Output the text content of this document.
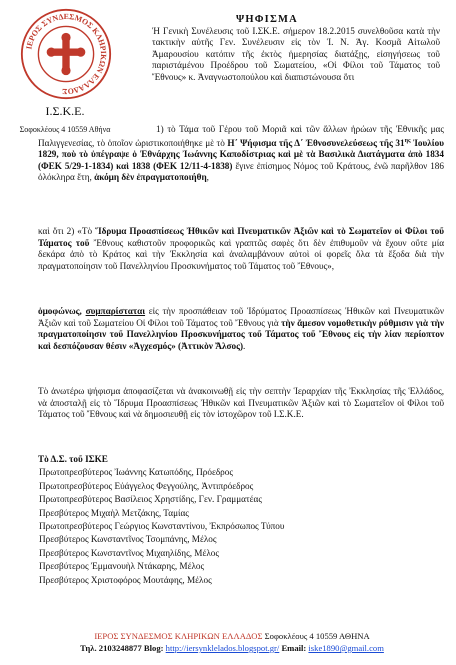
ΙΕΡΟΣ ΣΥΝΔΕΣΜΟΣ ΚΛΗΡΙΚΩΝ ΕΛΛΑΔΟΣ
Ι.Σ.Κ.Ε.
Σοφοκλέους 4 10559 Αθήνα
ΨΗΦΙΣΜΑ
Ἡ Γενικὴ Συνέλευσις τοῦ Ι.ΣΚ.Ε. σήμερον 18.2.2015 συνελθοῦσα κατὰ τὴν τακτικὴν αὐτῆς Γεν. Συνέλευσιν εἰς τὸν Ἱ. Ν. Ἁγ. Κοσμᾶ Αἰτωλοῦ Ἀμαρουσίου κατόπιν τῆς ἐκτὸς ἡμερησίας διατάξῃς, εἰσηγήσεως τοῦ παριστάμένου Προέδρου τοῦ Σωματείου, «Οἱ Φίλοι τοῦ Τάματος τοῦ Ἔθνους» κ. Ἀναγνωστοπούλου καὶ διαπιστώνουσα ὅτι
1) τὸ Τάμα τοῦ Γέρου τοῦ Μοριᾶ καὶ τῶν ἄλλων ἡρώων τῆς Ἐθνικῆς μας Παλιγγενεσίας, τὸ ὁποῖον ὡριστικοποιήθηκε μὲ τὸ Η΄ Ψήφισμα τῆς Δ΄ Ἐθνοσυνελεύσεως τῆς $31^{\eta\varsigma}$ Ἰουλίου 1829, ποὺ τὸ ὑπέγραψε ὁ Ἐθνάρχης Ἰωάννης Καποδίστριας καὶ μὲ τὰ Βασιλικὰ Διατάγματα ἀπὸ 1834 (ΦΕΚ 5/29-1-1834) καὶ 1838 (ΦΕΚ 12/11-4-1838) ἔγινε ἐπίσημος Νόμος τοῦ Κράτους, ἐνῶ παρῆλθον 186 ὁλόκληρα ἔτη, ἀκόμη δὲν ἐπραγματοποιήθη,
καὶ ὅτι 2) «Τὸ Ἵδρυμα Προασπίσεως Ἠθικῶν καὶ Πνευματικῶν Ἀξιῶν καὶ τὸ Σωματεῖον οἱ Φίλοι τοῦ Τάματος τοῦ Ἔθνους καθιστοῦν προφορικῶς καὶ γραπτῶς σαφὲς ὅτι δὲν ἐπιθυμοῦν νὰ ἔχουν οὔτε μία δεκάρα ἀπὸ τὸ Κράτος καὶ τὴν Ἐκκλησία καὶ ἀναλαμβάνουν αὐτοὶ οἱ φορεῖς ὅλα τὰ ἔξοδα διὰ τὴν πραγματοποίησιν τοῦ Πανελληνίου Προσκυνήματος τοῦ Τάματος τοῦ Ἔθνους»,
ὁμοφώνως, συμπαρίσταται εἰς τὴν προσπάθειαν τοῦ Ἱδρύματος Προασπίσεως Ἠθικῶν καὶ Πνευματικῶν Ἀξιῶν καὶ τοῦ Σωματείου Οἱ Φίλοι τοῦ Τάματος τοῦ Ἔθνους γιὰ τὴν ἄμεσον νομοθετικὴν ρύθμισιν γιὰ τὴν πραγματοποίησιν τοῦ Πανελληνίου Προσκυνήματος τοῦ Τάματος τοῦ Ἔθνους εἰς τὴν λίαν περίοπτον καὶ δεσπόζουσαν θέσιν «Ἀγχεσμός» (Ἀττικὸν Ἄλσος).
Τὸ ἀνωτέρω ψήφισμα ἀποφασίζεται νὰ ἀνακοινωθῇ εἰς τὴν σεπτὴν Ἱεραρχίαν τῆς Ἐκκλησίας τῆς Ἑλλάδος, νὰ ἀποσταλῇ εἰς τὸ Ἵδρυμα Προασπίσεως Ἠθικῶν καὶ Πνευματικῶν Ἀξιῶν καὶ τὸ Σωματεῖον οἱ Φίλοι τοῦ Τάματος τοῦ Ἔθνους καὶ νὰ δημοσιευθῇ εἰς τὸν ἱστοχῶρον τοῦ Ι.Σ.Κ.Ε.
Τὸ Δ.Σ. τοῦ ΙΣΚΕ
Πρωτοπρεσβύτερος Ἰωάννης Κατωπόδης, Πρόεδρος
Πρωτοπρεσβύτερος Εὐάγγελος Φεγγούλης, Ἀντιπρόεδρος
Πρωτοπρεσβύτερος Βασίλειος Χρηστίδης, Γεν. Γραμματέας
Πρεσβύτερος Μιχαὴλ Μετζάκης, Ταμίας
Πρωτοπρεσβύτερος Γεώργιος Κωνσταντίνου, Ἐκπρόσωπος Τύπου
Πρεσβύτερος Κωνσταντῖνος Τσομπάνης, Μέλος
Πρεσβύτερος Κωνσταντῖνος Μιχαηλίδης, Μέλος
Πρεσβύτερος Ἐμμανουὴλ Ντάκαρης, Μέλος
Πρεσβύτερος Χριστοφόρος Μουτάφης, Μέλος
ΙΕΡΟΣ ΣΥΝΔΕΣΜΟΣ ΚΛΗΡΙΚΩΝ ΕΛΛΑΔΟΣ Σοφοκλέους 4 10559 ΑΘΗΝΑ
Τηλ. 2103248877 Blog: http://iersynklelados.blogspot.gr/ Email: iske1890@gmail.com
